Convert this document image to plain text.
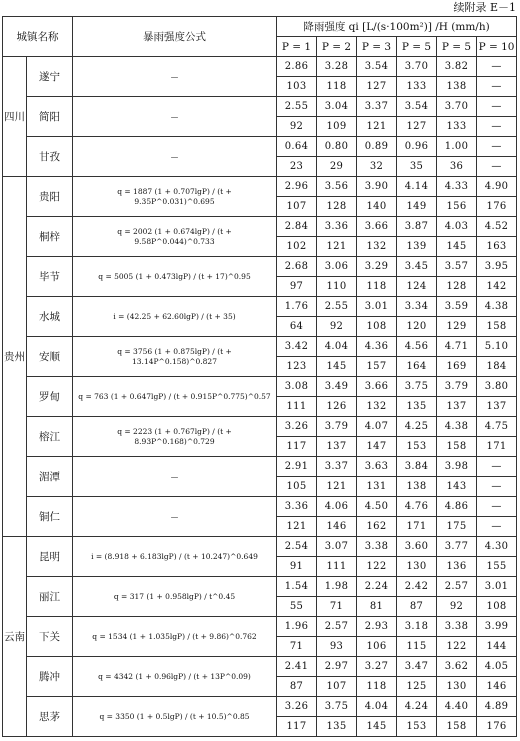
续附录 E－1
城镇名称		暴雨强度公式	降雨强度 qi [L/(s·100m²)] /H (mm/h)					
			P = 1	P = 2	P = 3	P = 5	P = 5	P = 10
四川	遂宁	—	2.86	3.28	3.54	3.70	3.82	—
			103	118	127	133	138	—
	简阳	—	2.55	3.04	3.37	3.54	3.70	—
			92	109	121	127	133	—
	甘孜	—	0.64	0.80	0.89	0.96	1.00	—
			23	29	32	35	36	—
贵州	贵阳	q = 1887 (1 + 0.707lgP) / (t + 9.35P^0.031)^0.695	2.96	3.56	3.90	4.14	4.33	4.90
			107	128	140	149	156	176
	桐梓	q = 2002 (1 + 0.674lgP) / (t + 9.58P^0.044)^0.733	2.84	3.36	3.66	3.87	4.03	4.52
			102	121	132	139	145	163
	毕节	q = 5005 (1 + 0.473lgP) / (t + 17)^0.95	2.68	3.06	3.29	3.45	3.57	3.95
			97	110	118	124	128	142
	水城	i = (42.25 + 62.60lgP) / (t + 35)	1.76	2.55	3.01	3.34	3.59	4.38
			64	92	108	120	129	158
	安顺	q = 3756 (1 + 0.875lgP) / (t + 13.14P^0.158)^0.827	3.42	4.04	4.36	4.56	4.71	5.10
			123	145	157	164	169	184
	罗甸	q = 763 (1 + 0.647lgP) / (t + 0.915P^0.775)^0.57	3.08	3.49	3.66	3.75	3.79	3.80
			111	126	132	135	137	137
	榕江	q = 2223 (1 + 0.767lgP) / (t + 8.93P^0.168)^0.729	3.26	3.79	4.07	4.25	4.38	4.75
			117	137	147	153	158	171
	湄潭	—	2.91	3.37	3.63	3.84	3.98	—
			105	121	131	138	143	—
	铜仁	—	3.36	4.06	4.50	4.76	4.86	—
			121	146	162	171	175	—
云南	昆明	i = (8.918 + 6.183lgP) / (t + 10.247)^0.649	2.54	3.07	3.38	3.60	3.77	4.30
			91	111	122	130	136	155
	丽江	q = 317 (1 + 0.958lgP) / t^0.45	1.54	1.98	2.24	2.42	2.57	3.01
			55	71	81	87	92	108
	下关	q = 1534 (1 + 1.035lgP) / (t + 9.86)^0.762	1.96	2.57	2.93	3.18	3.38	3.99
			71	93	106	115	122	144
	腾冲	q = 4342 (1 + 0.96lgP) / (t + 13P^0.09)	2.41	2.97	3.27	3.47	3.62	4.05
			87	107	118	125	130	146
	思茅	q = 3350 (1 + 0.5lgP) / (t + 10.5)^0.85	3.26	3.75	4.04	4.24	4.40	4.89
			117	135	145	153	158	176
